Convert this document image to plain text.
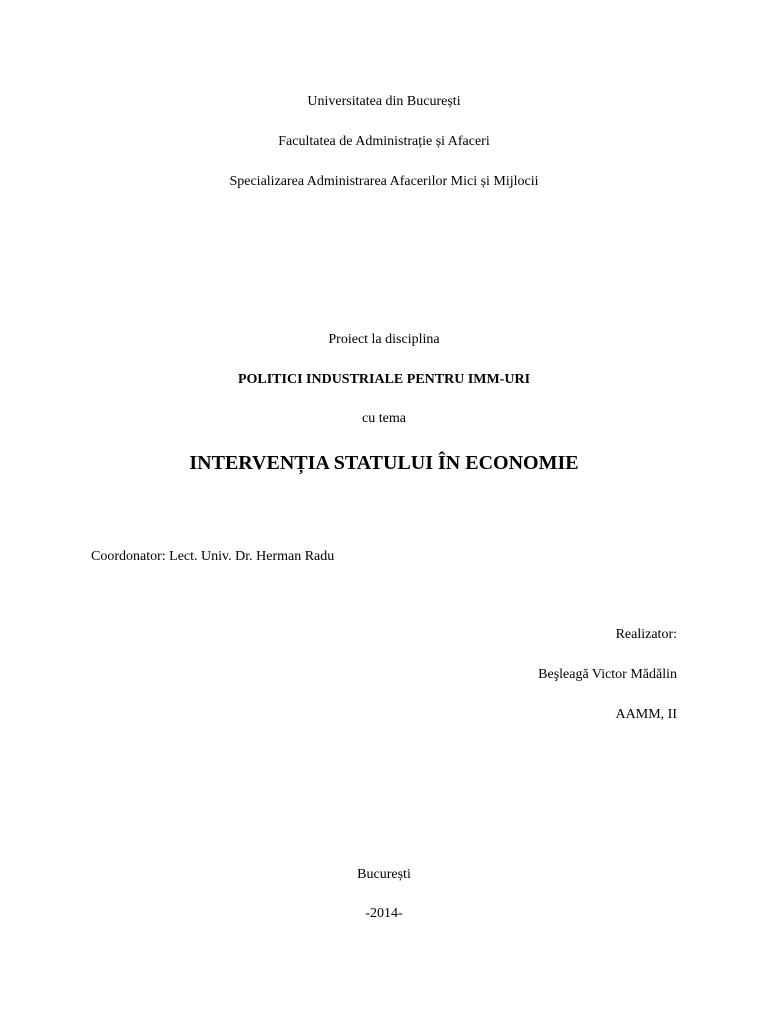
Universitatea din București
Facultatea de Administrație și Afaceri
Specializarea Administrarea Afacerilor Mici și Mijlocii
Proiect la disciplina
POLITICI INDUSTRIALE PENTRU IMM-URI
cu tema
INTERVENȚIA STATULUI ÎN ECONOMIE
Coordonator: Lect. Univ. Dr. Herman Radu
Realizator:
Beşleagă Victor Mădălin
AAMM, II
București
-2014-
